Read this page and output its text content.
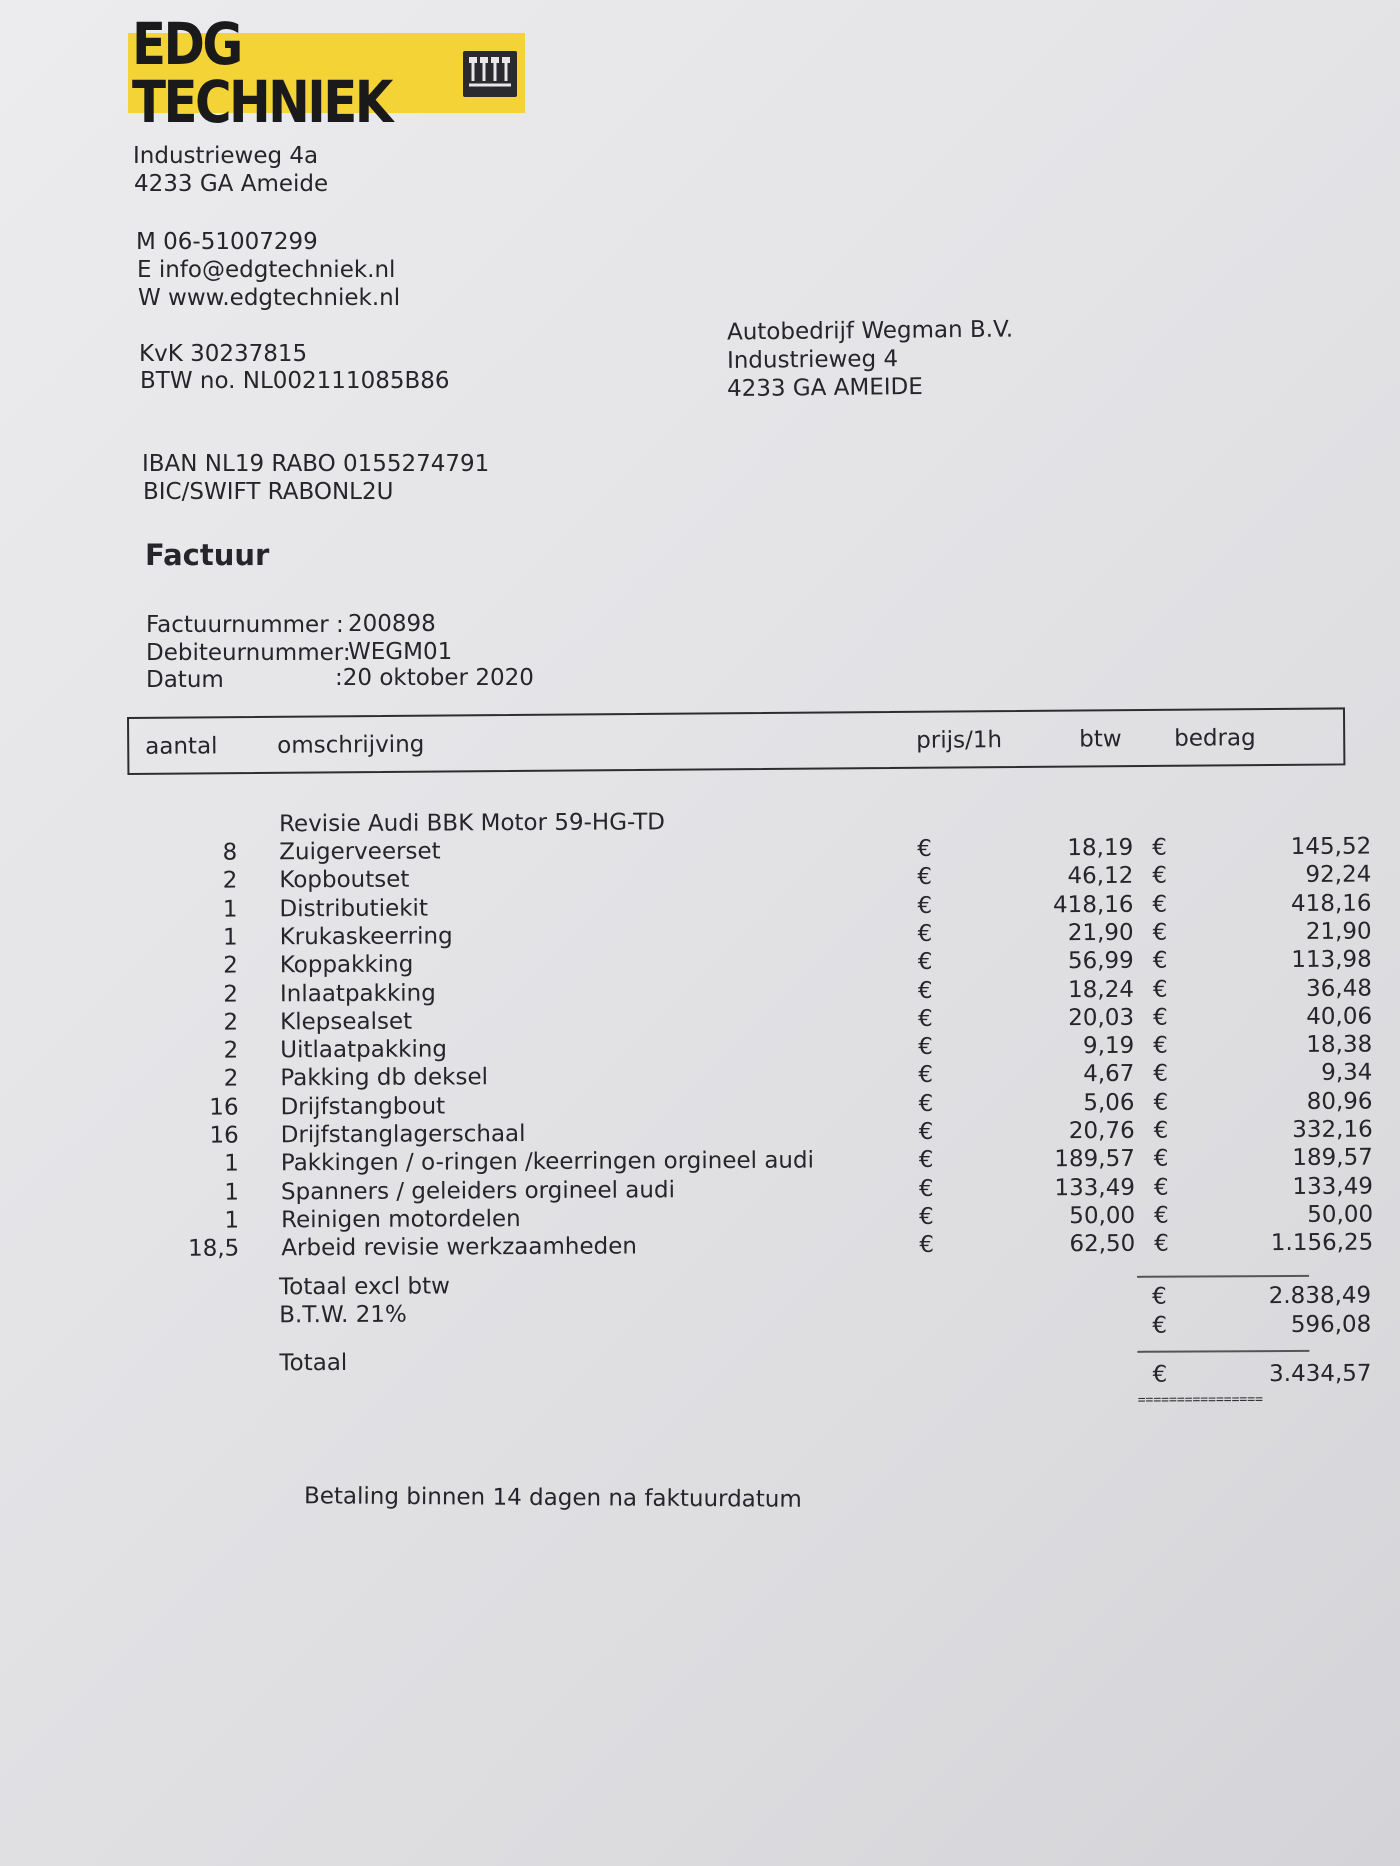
EDG TECHNIEK
Industrieweg 4a
4233 GA Ameide
M 06-51007299
E info@edgtechniek.nl
W www.edgtechniek.nl
KvK 30237815
BTW no. NL002111085B86
IBAN NL19 RABO 0155274791
BIC/SWIFT RABONL2U
Autobedrijf Wegman B.V.
Industrieweg 4
4233 GA AMEIDE
Factuur
Factuurnummer : 200898
Debiteurnummer:
WEGM01
Datum	:20 oktober 2020
aantal	omschrijving	prijs/1h	btw bedrag
Revisie Audi BBK Motor 59-HG-TD
8 Zuigerveerset	€	18,19 €	145,52
2 Kopboutset	€	46,12 €	92,24
1 Distributiekit	€	418,16 €	418,16
1 Krukaskeerring	€	21,90 €	21,90
2 Koppakking	€	56,99 €	113,98
2 Inlaatpakking	€	18,24 €	36,48
2 Klepsealset	€	20,03 €	40,06
2 Uitlaatpakking	€	9,19 €	18,38
2 Pakking db deksel	€	4,67 €	9,34
16 Drijfstangbout	€	5,06 €	80,96
16 Drijfstanglagerschaal	€	20,76 €	332,16
1 Pakkingen / o-ringen /keerringen orgineel audi	€	189,57 €	189,57
1 Spanners / geleiders orgineel audi	€	133,49 €	133,49
1 Reinigen motordelen	€	50,00 €	50,00
18,5 Arbeid revisie werkzaamheden	€	62,50 €	1.156,25
Totaal excl btw	€	2.838,49
B.T.W. 21%	€	596,08
Totaal	€	3.434,57
================
Betaling binnen 14 dagen na faktuurdatum
